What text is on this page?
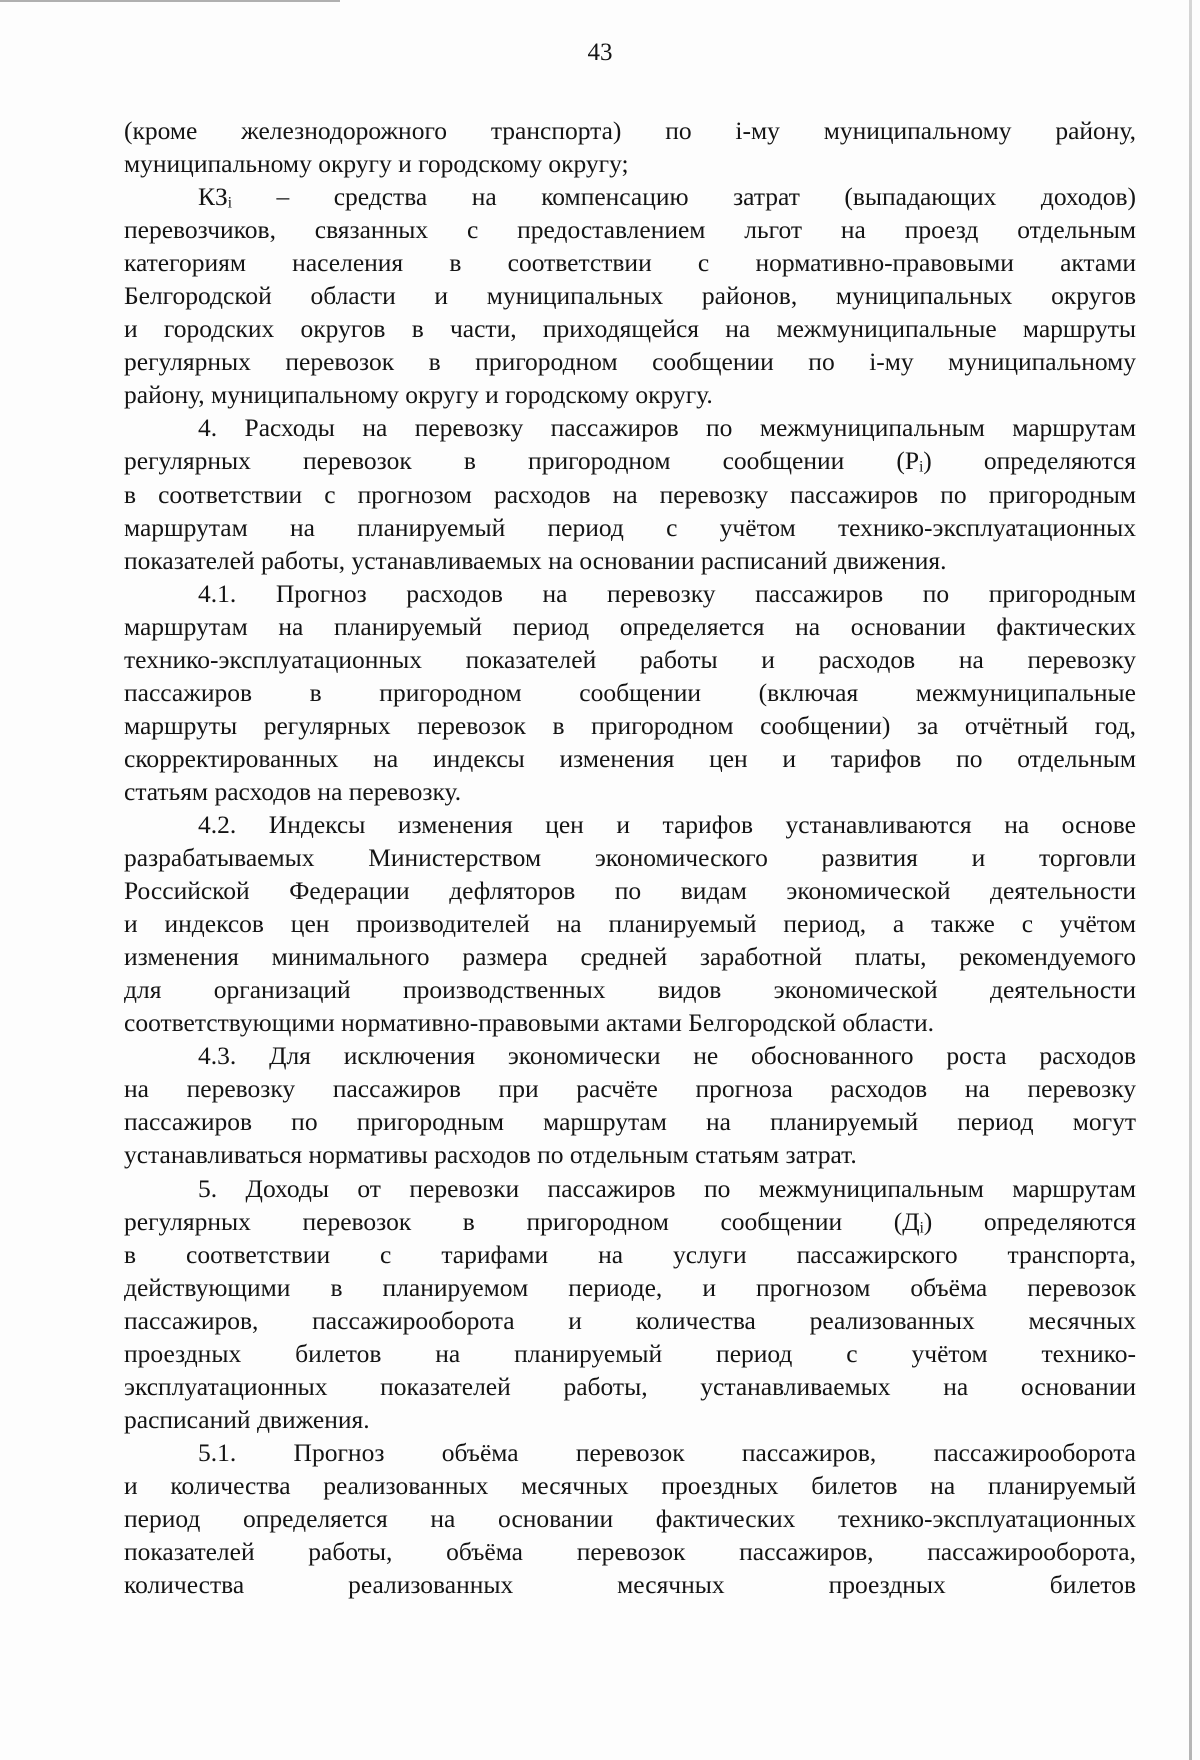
43
(кроме железнодорожного транспорта) по i-му муниципальному району,
муниципальному округу и городскому округу;
КЗᵢ – средства на компенсацию затрат (выпадающих доходов)
перевозчиков, связанных с предоставлением льгот на проезд отдельным
категориям населения в соответствии с нормативно-правовыми актами
Белгородской области и муниципальных районов, муниципальных округов
и городских округов в части, приходящейся на межмуниципальные маршруты
регулярных перевозок в пригородном сообщении по i-му муниципальному
району, муниципальному округу и городскому округу.
4. Расходы на перевозку пассажиров по межмуниципальным маршрутам
регулярных перевозок в пригородном сообщении (Pᵢ) определяются
в соответствии с прогнозом расходов на перевозку пассажиров по пригородным
маршрутам на планируемый период с учётом технико-эксплуатационных
показателей работы, устанавливаемых на основании расписаний движения.
4.1. Прогноз расходов на перевозку пассажиров по пригородным
маршрутам на планируемый период определяется на основании фактических
технико-эксплуатационных показателей работы и расходов на перевозку
пассажиров в пригородном сообщении (включая межмуниципальные
маршруты регулярных перевозок в пригородном сообщении) за отчётный год,
скорректированных на индексы изменения цен и тарифов по отдельным
статьям расходов на перевозку.
4.2. Индексы изменения цен и тарифов устанавливаются на основе
разрабатываемых Министерством экономического развития и торговли
Российской Федерации дефляторов по видам экономической деятельности
и индексов цен производителей на планируемый период, а также с учётом
изменения минимального размера средней заработной платы, рекомендуемого
для организаций производственных видов экономической деятельности
соответствующими нормативно-правовыми актами Белгородской области.
4.3. Для исключения экономически не обоснованного роста расходов
на перевозку пассажиров при расчёте прогноза расходов на перевозку
пассажиров по пригородным маршрутам на планируемый период могут
устанавливаться нормативы расходов по отдельным статьям затрат.
5. Доходы от перевозки пассажиров по межмуниципальным маршрутам
регулярных перевозок в пригородном сообщении (Дᵢ) определяются
в соответствии с тарифами на услуги пассажирского транспорта,
действующими в планируемом периоде, и прогнозом объёма перевозок
пассажиров, пассажирооборота и количества реализованных месячных
проездных билетов на планируемый период с учётом технико-
эксплуатационных показателей работы, устанавливаемых на основании
расписаний движения.
5.1. Прогноз объёма перевозок пассажиров, пассажирооборота
и количества реализованных месячных проездных билетов на планируемый
период определяется на основании фактических технико-эксплуатационных
показателей работы, объёма перевозок пассажиров, пассажирооборота,
количества реализованных месячных проездных билетов
